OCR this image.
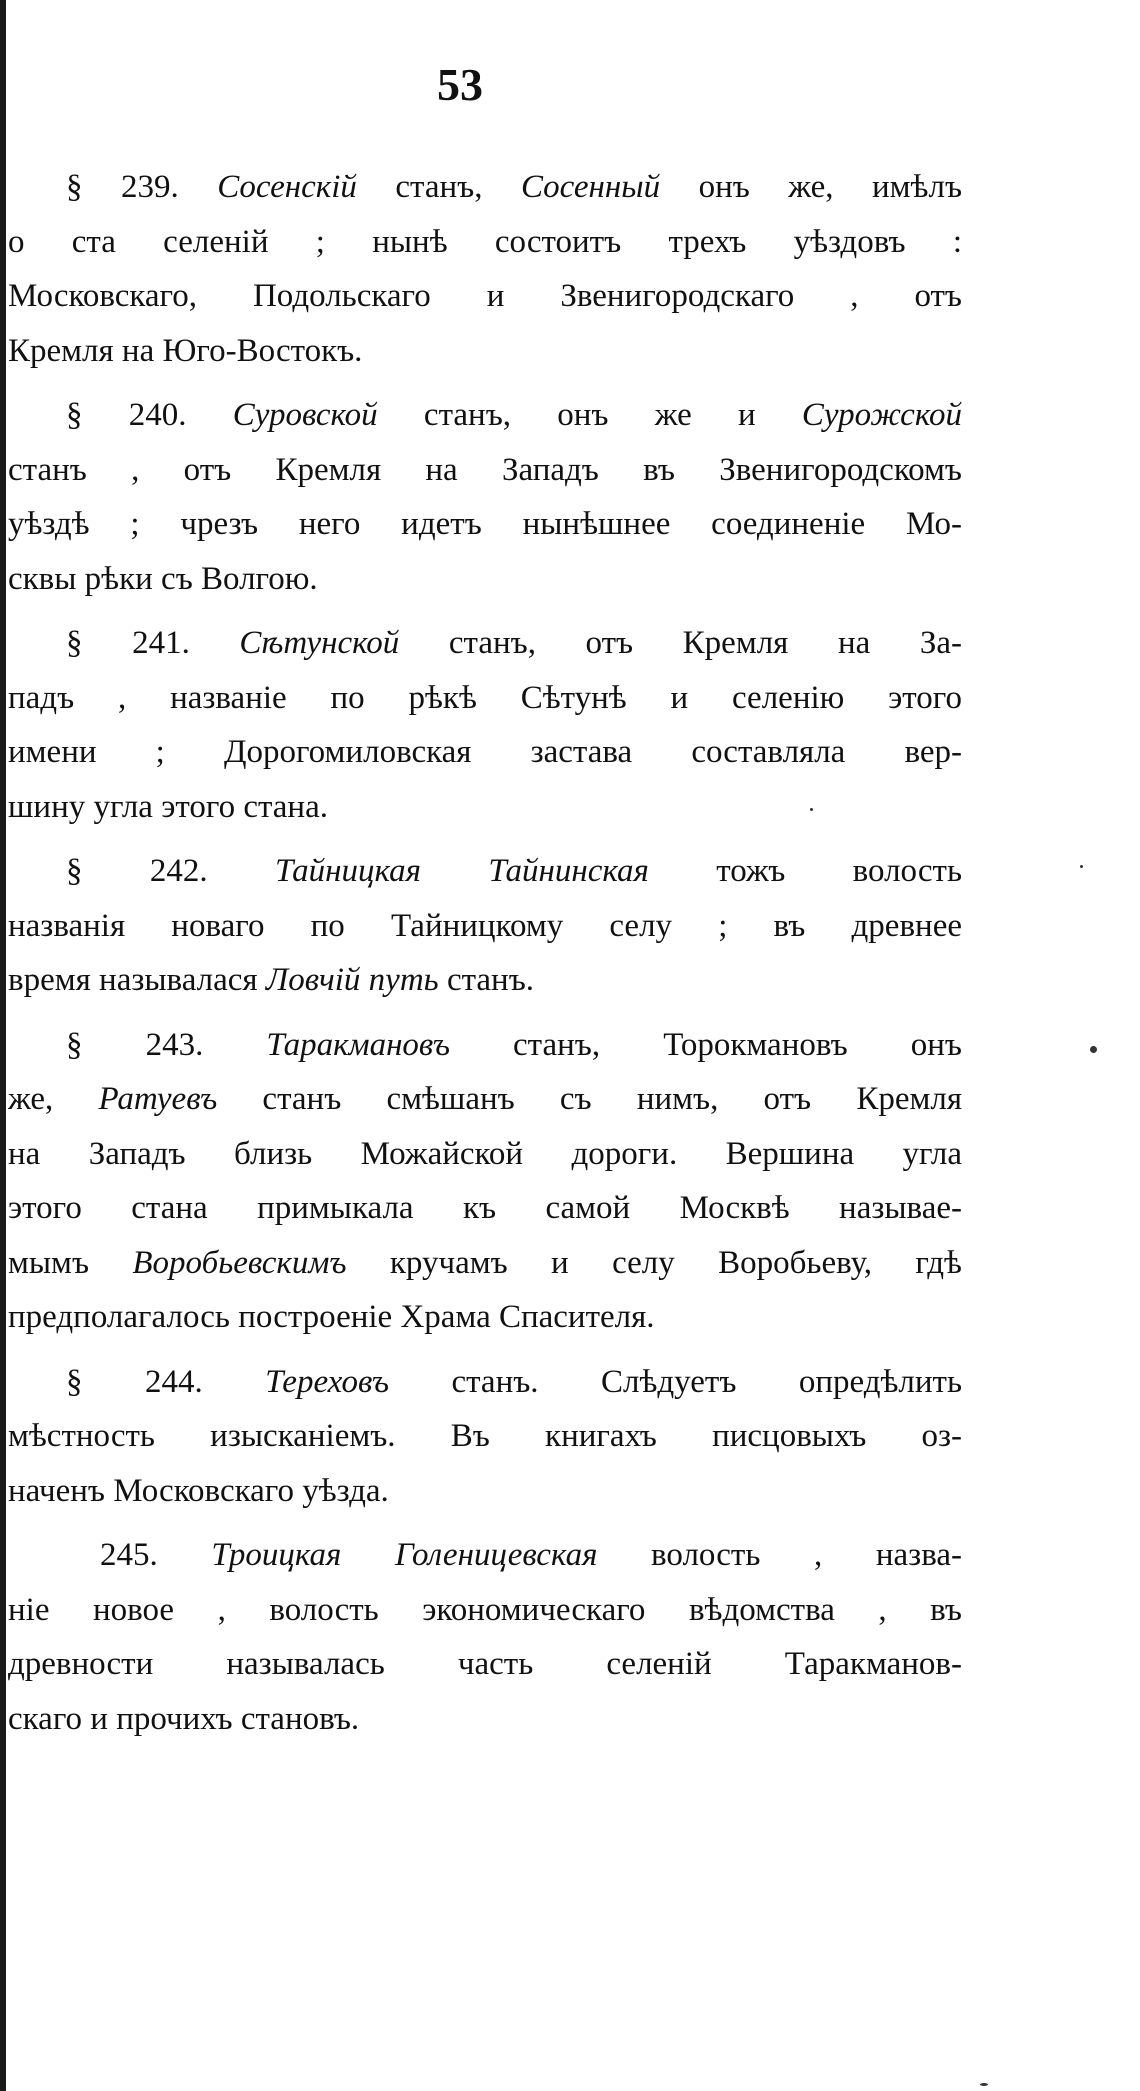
53
§ 239. Сосенскій станъ, Сосенный онъ же, имѣлъ
о ста селеній ; нынѣ состоитъ трехъ уѣздовъ :
Московскаго, Подольскаго и Звенигородскаго , отъ
Кремля на Юго-Востокъ.
§ 240. Суровской станъ, онъ же и Сурожской
станъ , отъ Кремля на Западъ въ Звенигородскомъ
уѣздѣ ; чрезъ него идетъ нынѣшнее соединеніе Мо-
сквы рѣки съ Волгою.
§ 241. Сѣтунской станъ, отъ Кремля на За-
падъ , названіе по рѣкѣ Сѣтунѣ и селенію этого
имени ; Дорогомиловская застава составляла вер-
шину угла этого стана.
§ 242. Тайницкая Тайнинская тожъ волость
названія новаго по Тайницкому селу ; въ древнее
время называлася Ловчій путь станъ.
§ 243. Таракмановъ станъ, Торокмановъ онъ
же, Ратуевъ станъ смѣшанъ съ нимъ, отъ Кремля
на Западъ близь Можайской дороги. Вершина угла
этого стана примыкала къ самой Москвѣ называе-
мымъ Воробьевскимъ кручамъ и селу Воробьеву, гдѣ
предполагалось построеніе Храма Спасителя.
§ 244. Тереховъ станъ. Слѣдуетъ опредѣлить
мѣстность изысканіемъ. Въ книгахъ писцовыхъ оз-
наченъ Московскаго уѣзда.
245. Троицкая Голеницевская волость , назва-
ніе новое , волость экономическаго вѣдомства , въ
древности называлась часть селеній Таракманов-
скаго и прочихъ становъ.
